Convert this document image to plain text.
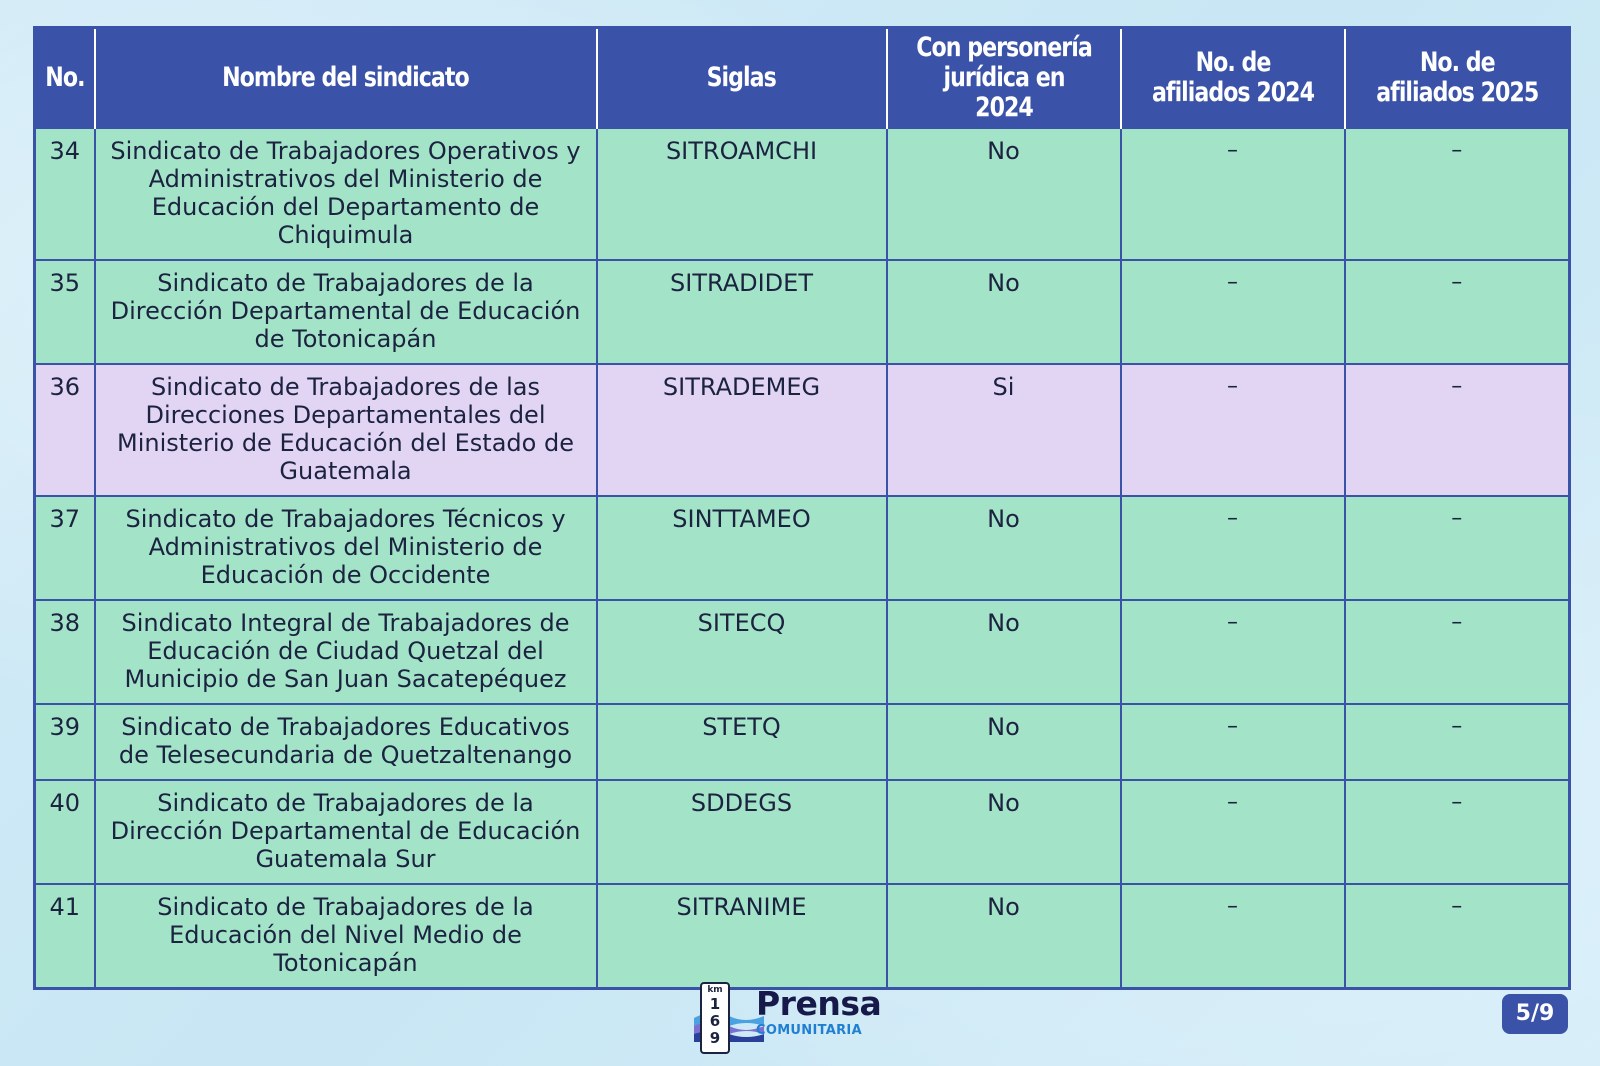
No.	Nombre del sindicato	Siglas	Con personería jurídica en 2024	No. de afiliados 2024	No. de afiliados 2025
34	Sindicato de Trabajadores Operativos y Administrativos del Ministerio de Educación del Departamento de Chiquimula	SITROAMCHI	No	–	–
35	Sindicato de Trabajadores de la Dirección Departamental de Educación de Totonicapán	SITRADIDET	No	–	–
36	Sindicato de Trabajadores de las Direcciones Departamentales del Ministerio de Educación del Estado de Guatemala	SITRADEMEG	Si	–	–
37	Sindicato de Trabajadores Técnicos y Administrativos del Ministerio de Educación de Occidente	SINTTAMEO	No	–	–
38	Sindicato Integral de Trabajadores de Educación de Ciudad Quetzal del Municipio de San Juan Sacatepéquez	SITECQ	No	–	–
39	Sindicato de Trabajadores Educativos de Telesecundaria de Quetzaltenango	STETQ	No	–	–
40	Sindicato de Trabajadores de la Dirección Departamental de Educación Guatemala Sur	SDDEGS	No	–	–
41	Sindicato de Trabajadores de la Educación del Nivel Medio de Totonicapán	SITRANIME	No	–	–
km
1
6
9
Prensa
COMUNITARIA
5/9
